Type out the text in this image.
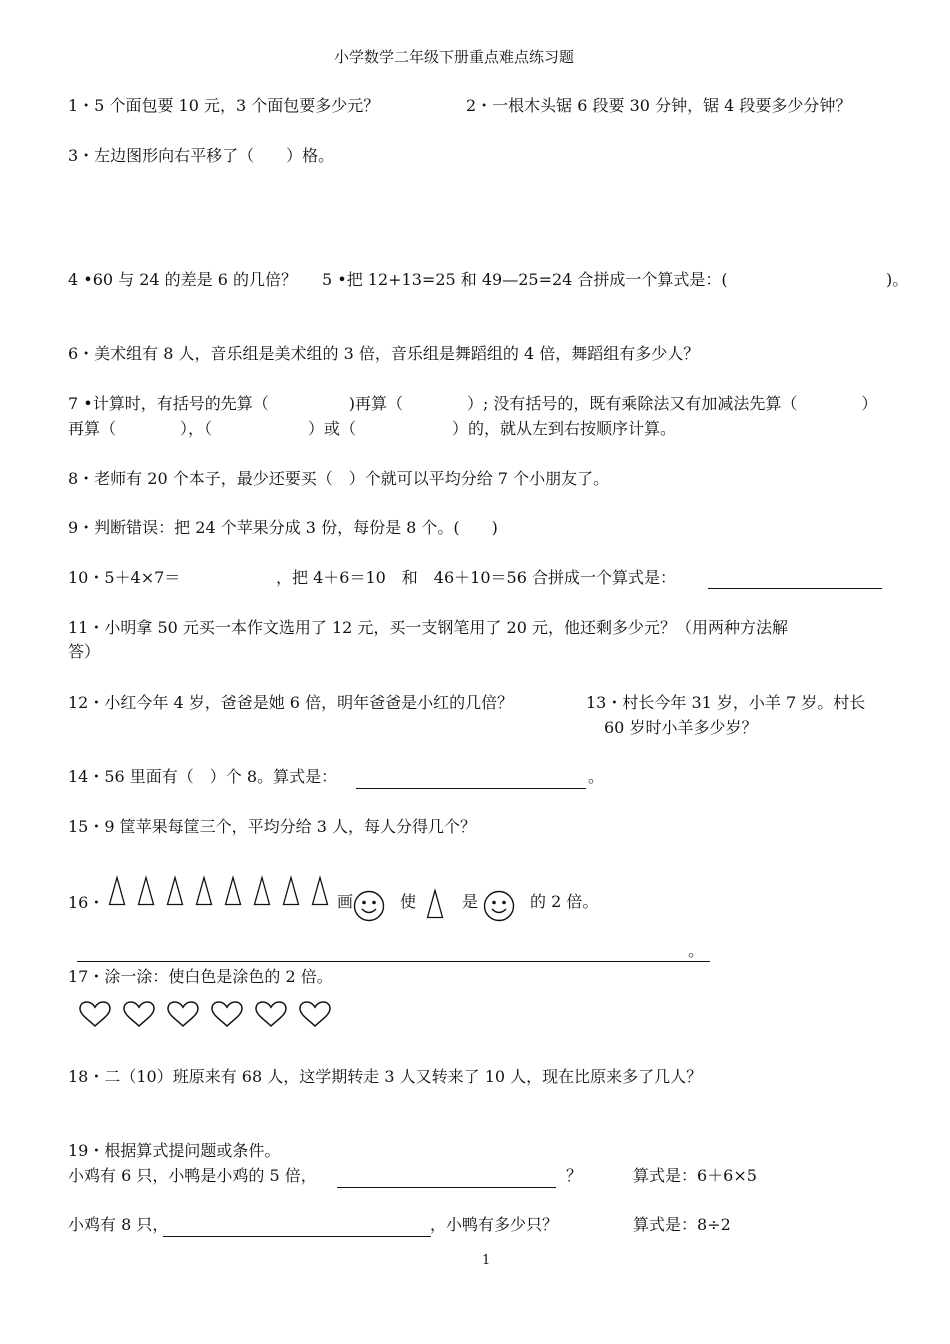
小学数学二年级下册重点难点练习题
1・5 个面包要 10 元，3 个面包要多少元？	2・一根木头锯 6 段要 30 分钟，锯 4 段要多少分钟？
3・左边图形向右平移了（　　）格。
4 •60 与 24 的差是 6 的几倍？ 5 •把 12+13=25 和 49—25=24 合拼成一个算式是：(	)。
6・美术组有 8 人，音乐组是美术组的 3 倍，音乐组是舞蹈组的 4 倍，舞蹈组有多少人？
7 •计算时，有括号的先算（　　　　　)再算（　　　　）; 没有括号的，既有乘除法又有加减法先算（　　　　）
再算（　　　　），（　　　　　　）或（　　　　　　）的，就从左到右按顺序计算。
8・老师有 20 个本子，最少还要买（　）个就可以平均分给 7 个小朋友了。
9・判断错误：把 24 个苹果分成 3 份，每份是 8 个。(　　)
10・5＋4×7＝	，把 4＋6＝10　和　46＋10＝56 合拼成一个算式是：
11・小明拿 50 元买一本作文选用了 12 元，买一支钢笔用了 20 元，他还剩多少元？（用两种方法解
答）
12・小红今年 4 岁，爸爸是她 6 倍，明年爸爸是小红的几倍？	13・村长今年 31 岁，小羊 7 岁。村长
60 岁时小羊多少岁？
14・56 里面有（　）个 8。算式是：	。
15・9 筐苹果每筐三个，平均分给 3 人，每人分得几个？
16・	画	使	是	的 2 倍。
。
17・涂一涂：使白色是涂色的 2 倍。
18・二（10）班原来有 68 人，这学期转走 3 人又转来了 10 人，现在比原来多了几人？
19・根据算式提问题或条件。
小鸡有 6 只，小鸭是小鸡的 5 倍，	？	算式是：6＋6×5
小鸡有 8 只，	，小鸭有多少只？	算式是：8÷2
1
